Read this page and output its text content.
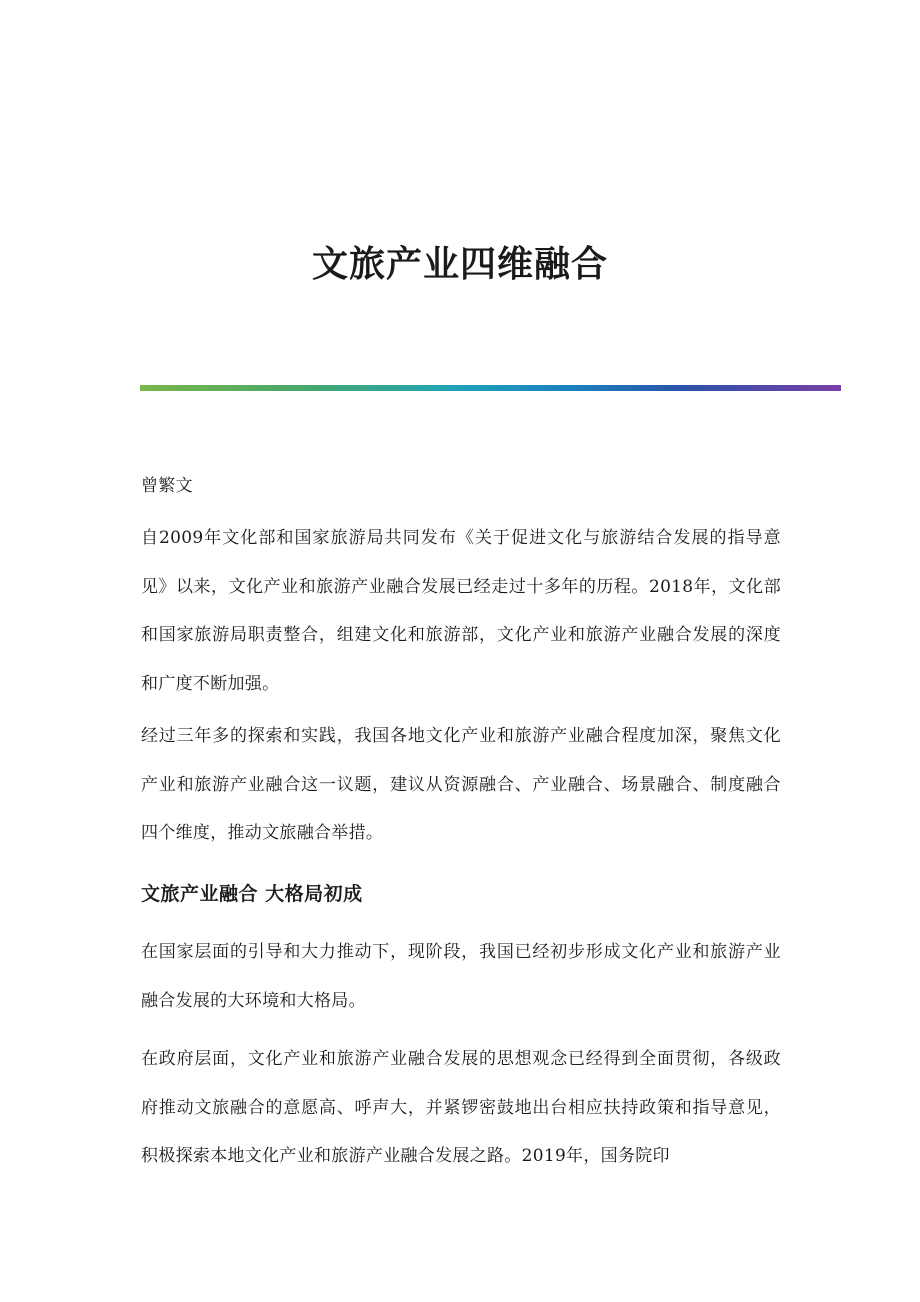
文旅产业四维融合
曾繁文

自2009年文化部和国家旅游局共同发布《关于促进文化与旅游结合发展的指导意见》以来，文化产业和旅游产业融合发展已经走过十多年的历程。2018年，文化部和国家旅游局职责整合，组建文化和旅游部，文化产业和旅游产业融合发展的深度和广度不断加强。

经过三年多的探索和实践，我国各地文化产业和旅游产业融合程度加深，聚焦文化产业和旅游产业融合这一议题，建议从资源融合、产业融合、场景融合、制度融合四个维度，推动文旅融合举措。

文旅产业融合 大格局初成

在国家层面的引导和大力推动下，现阶段，我国已经初步形成文化产业和旅游产业融合发展的大环境和大格局。

在政府层面，文化产业和旅游产业融合发展的思想观念已经得到全面贯彻，各级政府推动文旅融合的意愿高、呼声大，并紧锣密鼓地出台相应扶持政策和指导意见，积极探索本地文化产业和旅游产业融合发展之路。2019年，国务院印
